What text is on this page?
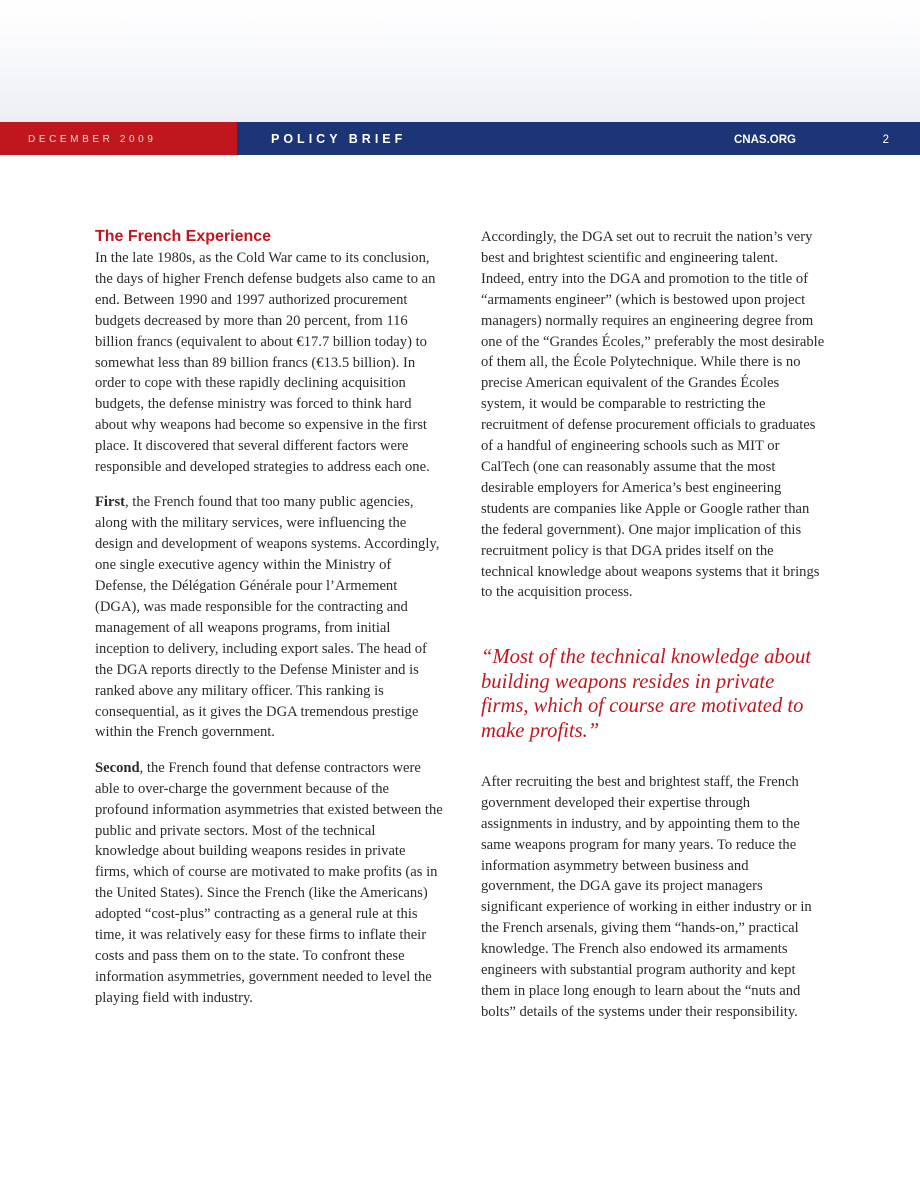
DECEMBER 2009	POLICY BRIEF	CNAS.ORG	2
The French Experience

In the late 1980s, as the Cold War came to its conclusion, the days of higher French defense budgets also came to an end. Between 1990 and 1997 authorized procurement budgets decreased by more than 20 percent, from 116 billion francs (equivalent to about €17.7 billion today) to somewhat less than 89 billion francs (€13.5 billion). In order to cope with these rapidly declining acquisition budgets, the defense ministry was forced to think hard about why weapons had become so expensive in the first place. It discovered that several different factors were responsible and developed strategies to address each one.

First, the French found that too many public agencies, along with the military services, were influencing the design and development of weapons systems. Accordingly, one single executive agency within the Ministry of Defense, the Délégation Générale pour l’Armement (DGA), was made responsible for the contracting and management of all weapons programs, from initial inception to delivery, including export sales. The head of the DGA reports directly to the Defense Minister and is ranked above any military officer. This ranking is consequential, as it gives the DGA tremendous prestige within the French government.

Second, the French found that defense contractors were able to over-charge the government because of the profound information asymmetries that existed between the public and private sectors. Most of the technical knowledge about building weapons resides in private firms, which of course are motivated to make profits (as in the United States). Since the French (like the Americans) adopted “cost-plus” contracting as a general rule at this time, it was relatively easy for these firms to inflate their costs and pass them on to the state. To confront these information asymmetries, government needed to level the playing field with industry.

Accordingly, the DGA set out to recruit the nation’s very best and brightest scientific and engineering talent. Indeed, entry into the DGA and promotion to the title of “armaments engineer” (which is bestowed upon project managers) normally requires an engineering degree from one of the “Grandes Écoles,” preferably the most desirable of them all, the École Polytechnique. While there is no precise American equivalent of the Grandes Écoles system, it would be comparable to restricting the recruitment of defense procurement officials to graduates of a handful of engineering schools such as MIT or CalTech (one can reasonably assume that the most desirable employers for America’s best engineering students are companies like Apple or Google rather than the federal government). One major implication of this recruitment policy is that DGA prides itself on the technical knowledge about weapons systems that it brings to the acquisition process.

“Most of the technical knowledge about building weapons resides in private firms, which of course are motivated to make profits.”

After recruiting the best and brightest staff, the French government developed their expertise through assignments in industry, and by appointing them to the same weapons program for many years. To reduce the information asymmetry between business and government, the DGA gave its project managers significant experience of working in either industry or in the French arsenals, giving them “hands-on,” practical knowledge. The French also endowed its armaments engineers with substantial program authority and kept them in place long enough to learn about the “nuts and bolts” details of the systems under their responsibility.
